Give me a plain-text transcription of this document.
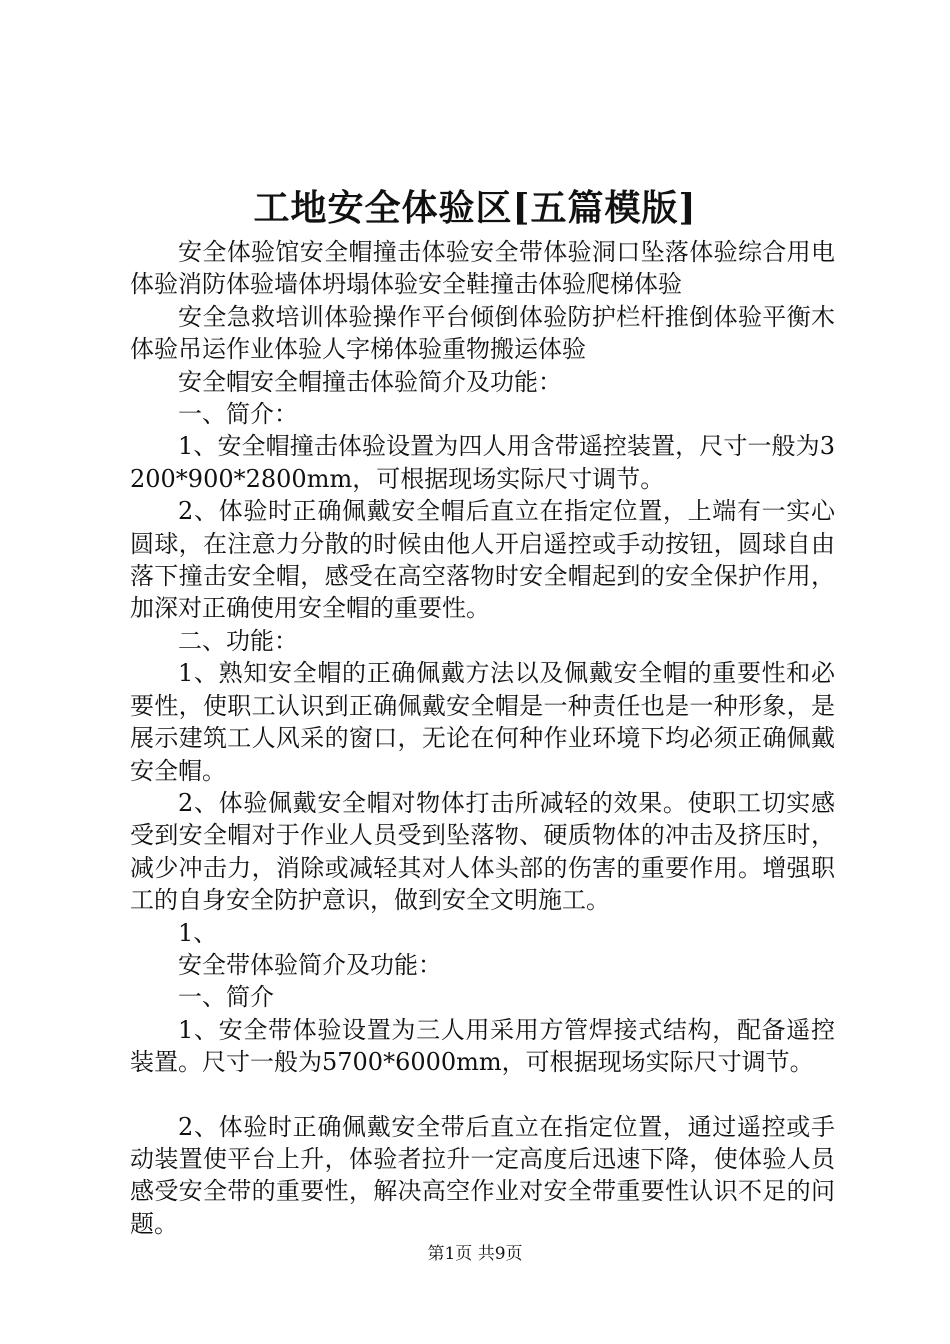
工地安全体验区[五篇模版]

安全体验馆安全帽撞击体验安全带体验洞口坠落体验综合用电体验消防体验墙体坍塌体验安全鞋撞击体验爬梯体验

安全急救培训体验操作平台倾倒体验防护栏杆推倒体验平衡木体验吊运作业体验人字梯体验重物搬运体验

安全帽安全帽撞击体验简介及功能：

一、简介：

1、安全帽撞击体验设置为四人用含带遥控装置，尺寸一般为3200*900*2800mm，可根据现场实际尺寸调节。

2、体验时正确佩戴安全帽后直立在指定位置，上端有一实心圆球，在注意力分散的时候由他人开启遥控或手动按钮，圆球自由落下撞击安全帽，感受在高空落物时安全帽起到的安全保护作用，加深对正确使用安全帽的重要性。

二、功能：

1、熟知安全帽的正确佩戴方法以及佩戴安全帽的重要性和必要性，使职工认识到正确佩戴安全帽是一种责任也是一种形象，是展示建筑工人风采的窗口，无论在何种作业环境下均必须正确佩戴安全帽。

2、体验佩戴安全帽对物体打击所减轻的效果。使职工切实感受到安全帽对于作业人员受到坠落物、硬质物体的冲击及挤压时，减少冲击力，消除或减轻其对人体头部的伤害的重要作用。增强职工的自身安全防护意识，做到安全文明施工。

1、

安全带体验简介及功能：

一、简介

1、安全带体验设置为三人用采用方管焊接式结构，配备遥控装置。尺寸一般为5700*6000mm，可根据现场实际尺寸调节。

2、体验时正确佩戴安全带后直立在指定位置，通过遥控或手动装置使平台上升，体验者拉升一定高度后迅速下降，使体验人员感受安全带的重要性，解决高空作业对安全带重要性认识不足的问题。

第1页 共9页
